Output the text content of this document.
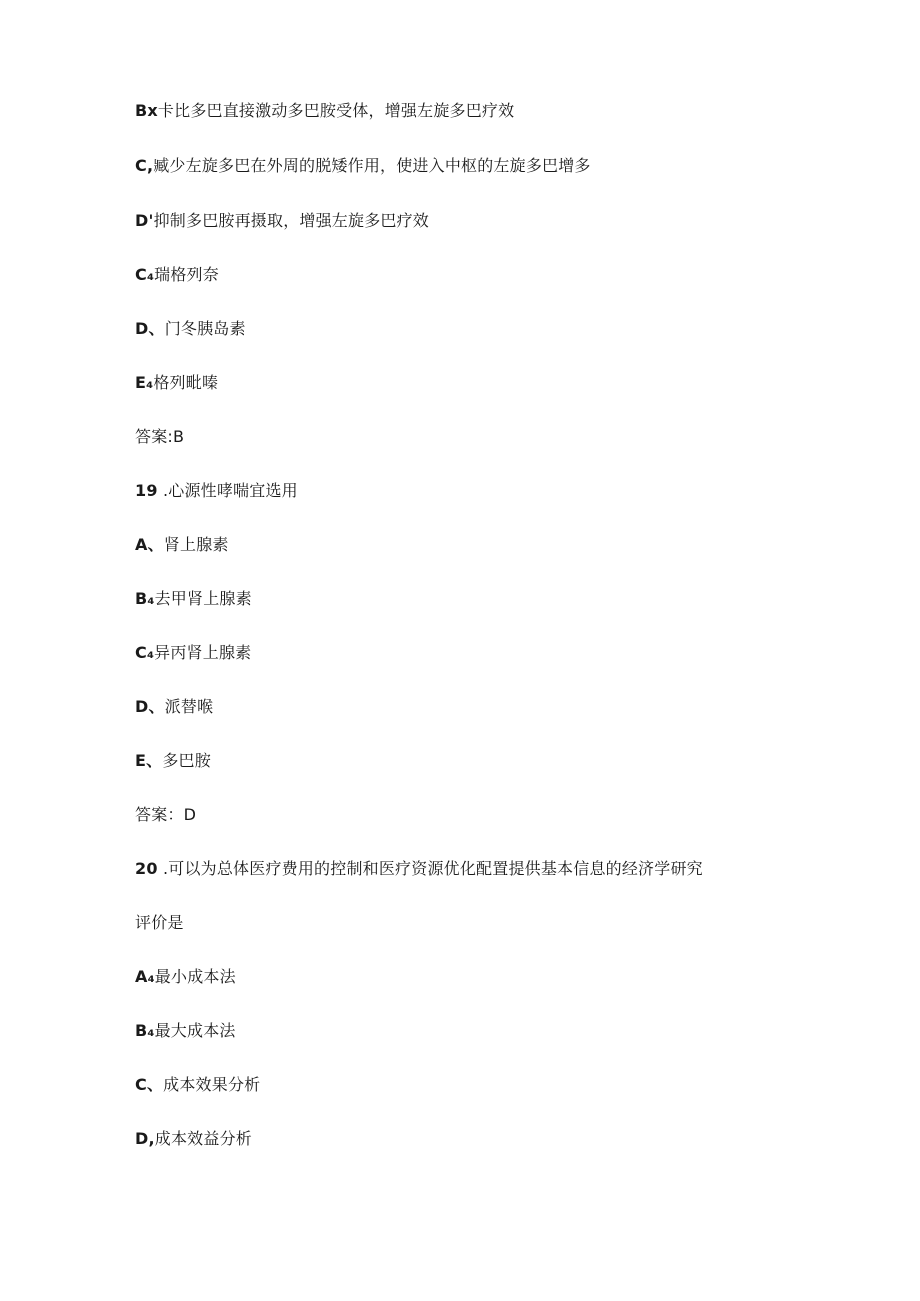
Bx卡比多巴直接激动多巴胺受体，增强左旋多巴疗效
C,臧少左旋多巴在外周的脱矮作用，使进入中枢的左旋多巴增多
D'抑制多巴胺再摄取，增强左旋多巴疗效
C₄瑞格列奈
D、门冬胰岛素
E₄格列毗嗪
答案:B
19 .心源性哮喘宜选用
A、肾上腺素
B₄去甲肾上腺素
C₄异丙肾上腺素
D、派替喉
E、多巴胺
答案：D
20 .可以为总体医疗费用的控制和医疗资源优化配置提供基本信息的经济学研究
评价是
A₄最小成本法
B₄最大成本法
C、成本效果分析
D,成本效益分析
